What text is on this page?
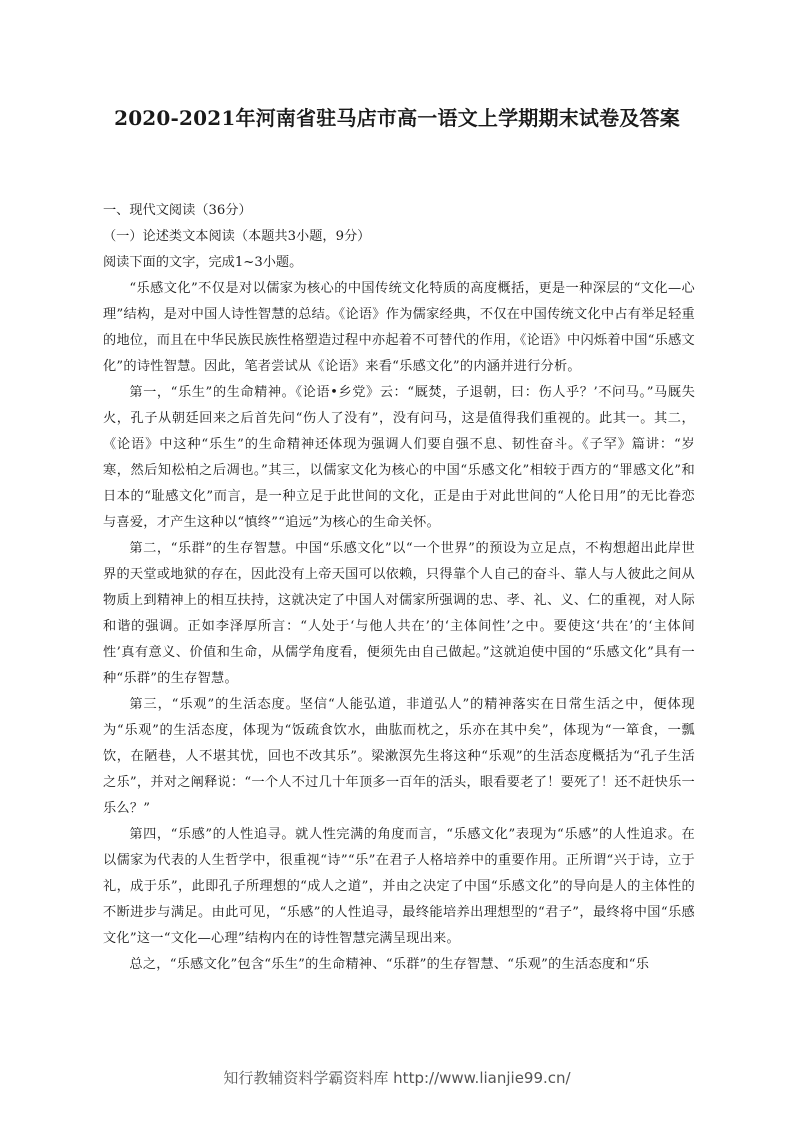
2020-2021年河南省驻马店市高一语文上学期期末试卷及答案

一、现代文阅读（36分）

（一）论述类文本阅读（本题共3小题，9分）

阅读下面的文字，完成1~3小题。

“乐感文化”不仅是对以儒家为核心的中国传统文化特质的高度概括，更是一种深层的“文化—心理”结构，是对中国人诗性智慧的总结。《论语》作为儒家经典，不仅在中国传统文化中占有举足轻重的地位，而且在中华民族民族性格塑造过程中亦起着不可替代的作用，《论语》中闪烁着中国“乐感文化”的诗性智慧。因此，笔者尝试从《论语》来看“乐感文化”的内涵并进行分析。

第一，“乐生”的生命精神。《论语•乡党》云：“厩焚，子退朝，曰：伤人乎？’不问马。”马厩失火，孔子从朝廷回来之后首先问“伤人了没有”，没有问马，这是值得我们重视的。此其一。其二，《论语》中这种“乐生”的生命精神还体现为强调人们要自强不息、韧性奋斗。《子罕》篇讲：“岁寒，然后知松柏之后凋也。”其三，以儒家文化为核心的中国“乐感文化”相较于西方的“罪感文化”和日本的“耻感文化”而言，是一种立足于此世间的文化，正是由于对此世间的“人伦日用”的无比眷恋与喜爱，才产生这种以“慎终”“追远”为核心的生命关怀。

第二，“乐群”的生存智慧。中国“乐感文化”以“一个世界”的预设为立足点，不构想超出此岸世界的天堂或地狱的存在，因此没有上帝天国可以依赖，只得靠个人自己的奋斗、靠人与人彼此之间从物质上到精神上的相互扶持，这就决定了中国人对儒家所强调的忠、孝、礼、义、仁的重视，对人际和谐的强调。正如李泽厚所言：“人处于‘与他人共在’的‘主体间性’之中。要使这‘共在’的‘主体间性’真有意义、价值和生命，从儒学角度看，便须先由自己做起。”这就迫使中国的“乐感文化”具有一种“乐群”的生存智慧。

第三，“乐观”的生活态度。坚信“人能弘道，非道弘人”的精神落实在日常生活之中，便体现为“乐观”的生活态度，体现为“饭疏食饮水，曲肱而枕之，乐亦在其中矣”，体现为“一箪食，一瓢饮，在陋巷，人不堪其忧，回也不改其乐”。梁漱溟先生将这种“乐观”的生活态度概括为“孔子生活之乐”，并对之阐释说：“一个人不过几十年顶多一百年的活头，眼看要老了！要死了！还不赶快乐一乐么？”

第四，“乐感”的人性追寻。就人性完满的角度而言，“乐感文化”表现为“乐感”的人性追求。在以儒家为代表的人生哲学中，很重视“诗”“乐”在君子人格培养中的重要作用。正所谓“兴于诗，立于礼，成于乐”，此即孔子所理想的“成人之道”，并由之决定了中国“乐感文化”的导向是人的主体性的不断进步与满足。由此可见，“乐感”的人性追寻，最终能培养出理想型的“君子”，最终将中国“乐感文化”这一“文化—心理”结构内在的诗性智慧完满呈现出来。

总之，“乐感文化”包含“乐生”的生命精神、“乐群”的生存智慧、“乐观”的生活态度和“乐

知行教辅资料学霸资料库 http://www.lianjie99.cn/
